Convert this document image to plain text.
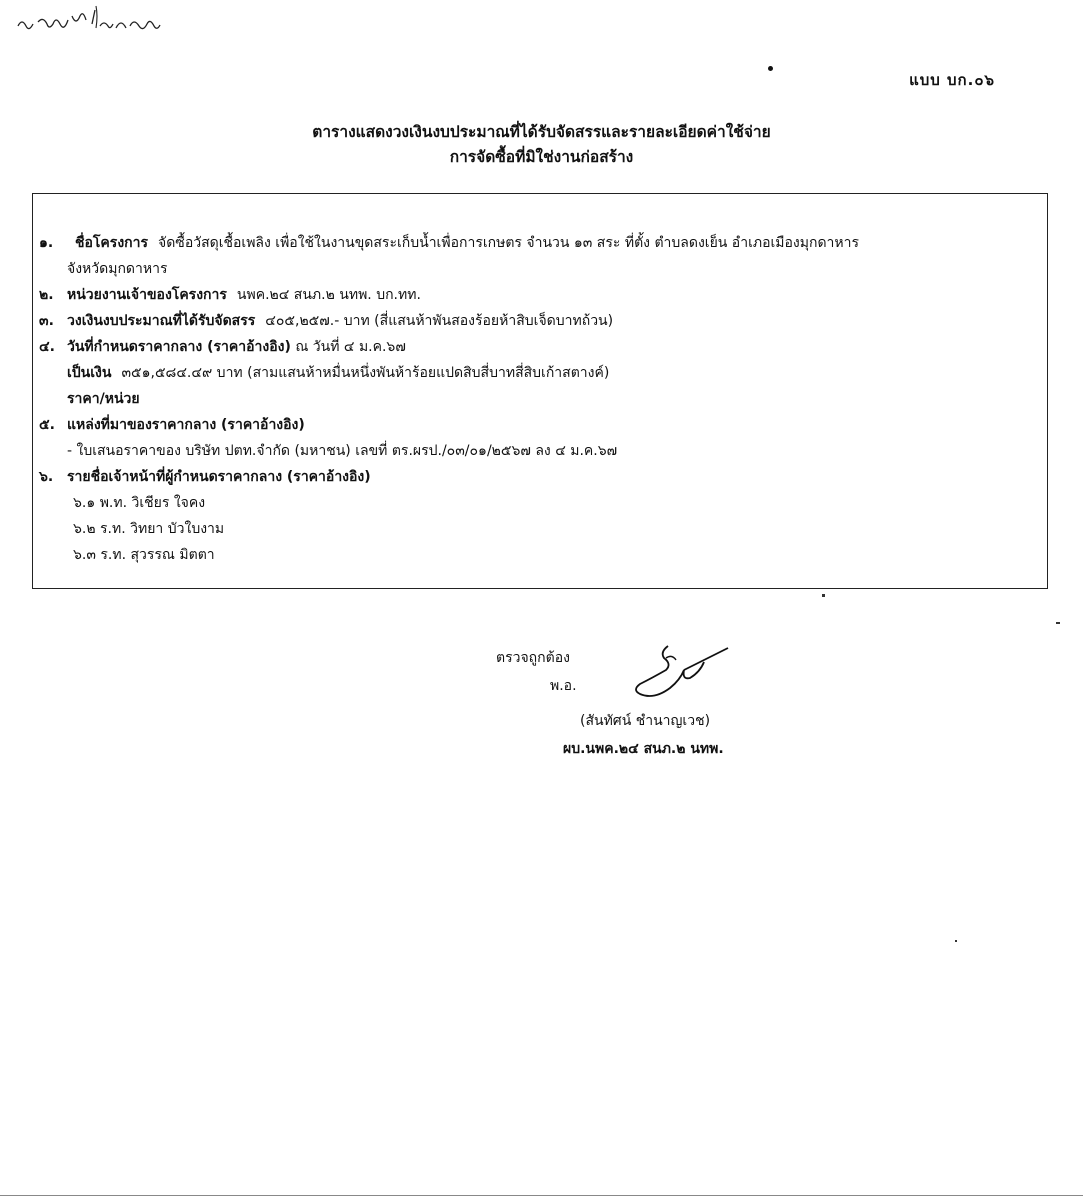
แบบ บก.๐๖
ตารางแสดงวงเงินงบประมาณที่ได้รับจัดสรรและรายละเอียดค่าใช้จ่าย
การจัดซื้อที่มิใช่งานก่อสร้าง
๑. ชื่อโครงการ จัดซื้อวัสดุเชื้อเพลิง เพื่อใช้ในงานขุดสระเก็บน้ำเพื่อการเกษตร จำนวน ๑๓ สระ ที่ตั้ง ตำบลดงเย็น อำเภอเมืองมุกดาหาร
จังหวัดมุกดาหาร
๒. หน่วยงานเจ้าของโครงการ นพค.๒๔ สนภ.๒ นทพ. บก.ทท.
๓. วงเงินงบประมาณที่ได้รับจัดสรร ๔๐๕,๒๕๗.- บาท (สี่แสนห้าพันสองร้อยห้าสิบเจ็ดบาทถ้วน)
๔. วันที่กำหนดราคากลาง (ราคาอ้างอิง) ณ วันที่ ๔ ม.ค.๖๗
เป็นเงิน ๓๕๑,๕๘๔.๔๙ บาท (สามแสนห้าหมื่นหนึ่งพันห้าร้อยแปดสิบสี่บาทสี่สิบเก้าสตางค์)
ราคา/หน่วย
๕. แหล่งที่มาของราคากลาง (ราคาอ้างอิง)
- ใบเสนอราคาของ บริษัท ปตท.จำกัด (มหาชน) เลขที่ ตร.ผรป./๐๓/๐๑/๒๕๖๗ ลง ๔ ม.ค.๖๗
๖. รายชื่อเจ้าหน้าที่ผู้กำหนดราคากลาง (ราคาอ้างอิง)
๖.๑ พ.ท. วิเชียร ใจคง
๖.๒ ร.ท. วิทยา บัวใบงาม
๖.๓ ร.ท. สุวรรณ มิตตา
ตรวจถูกต้อง
พ.อ.
(สันทัศน์ ชำนาญเวช)
ผบ.นพค.๒๔ สนภ.๒ นทพ.
